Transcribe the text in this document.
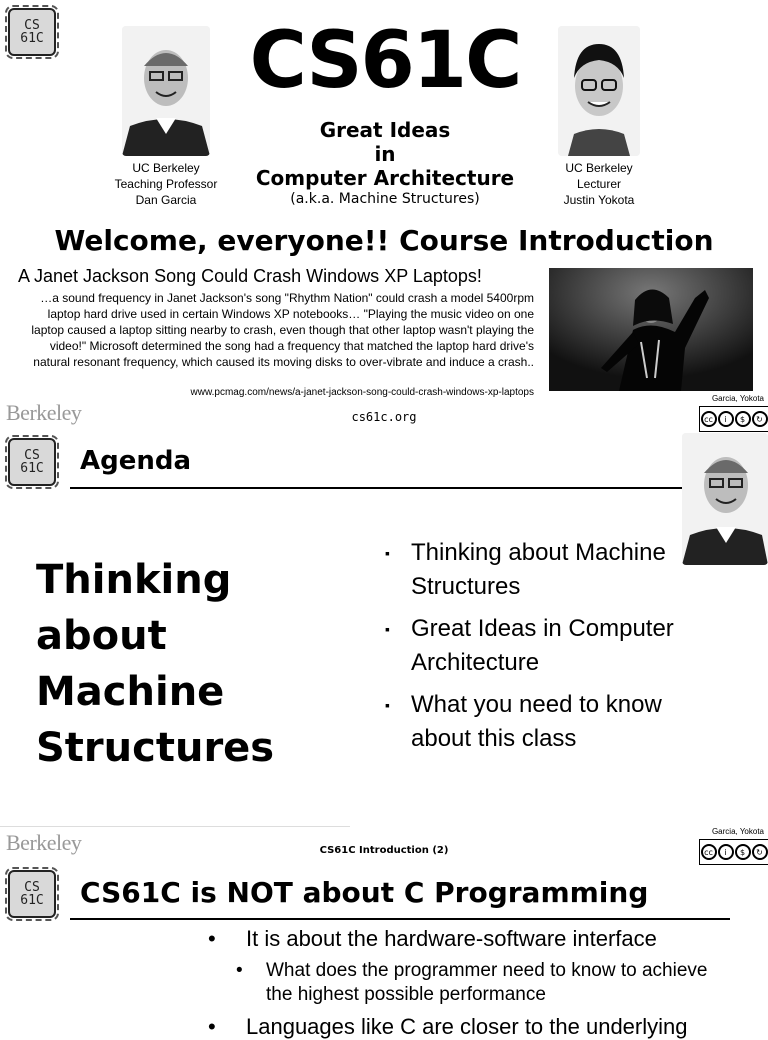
CS
61C
UC Berkeley
Teaching Professor
Dan Garcia
CS61C
Great Ideas
in
Computer Architecture
(a.k.a. Machine Structures)
UC Berkeley
Lecturer
Justin Yokota
Welcome, everyone!! Course Introduction
A Janet Jackson Song Could Crash Windows XP Laptops!
…a sound frequency in Janet Jackson's song "Rhythm Nation" could crash a model 5400rpm laptop hard drive used in certain Windows XP notebooks… "Playing the music video on one laptop caused a laptop sitting nearby to crash, even though that other laptop wasn't playing the video!" Microsoft determined the song had a frequency that matched the laptop hard drive's natural resonant frequency, which caused its moving disks to over-vibrate and induce a crash..
www.pcmag.com/news/a-janet-jackson-song-could-crash-windows-xp-laptops
Garcia, Yokota
Berkeley	cs61c.org	cc	i	$	↻
CS
61C Agenda
Thinking
about
Machine
Structures
▪ Thinking about Machine Structures
▪ Great Ideas in Computer Architecture
▪ What you need to know about this class
Berkeley	CS61C Introduction (2)
Garcia, Yokota
cc	i	$	↻
CS
61C CS61C is NOT about C Programming
• It is about the hardware-software interface
•	What does the programmer need to know to achieve the highest possible performance
• Languages like C are closer to the underlying
